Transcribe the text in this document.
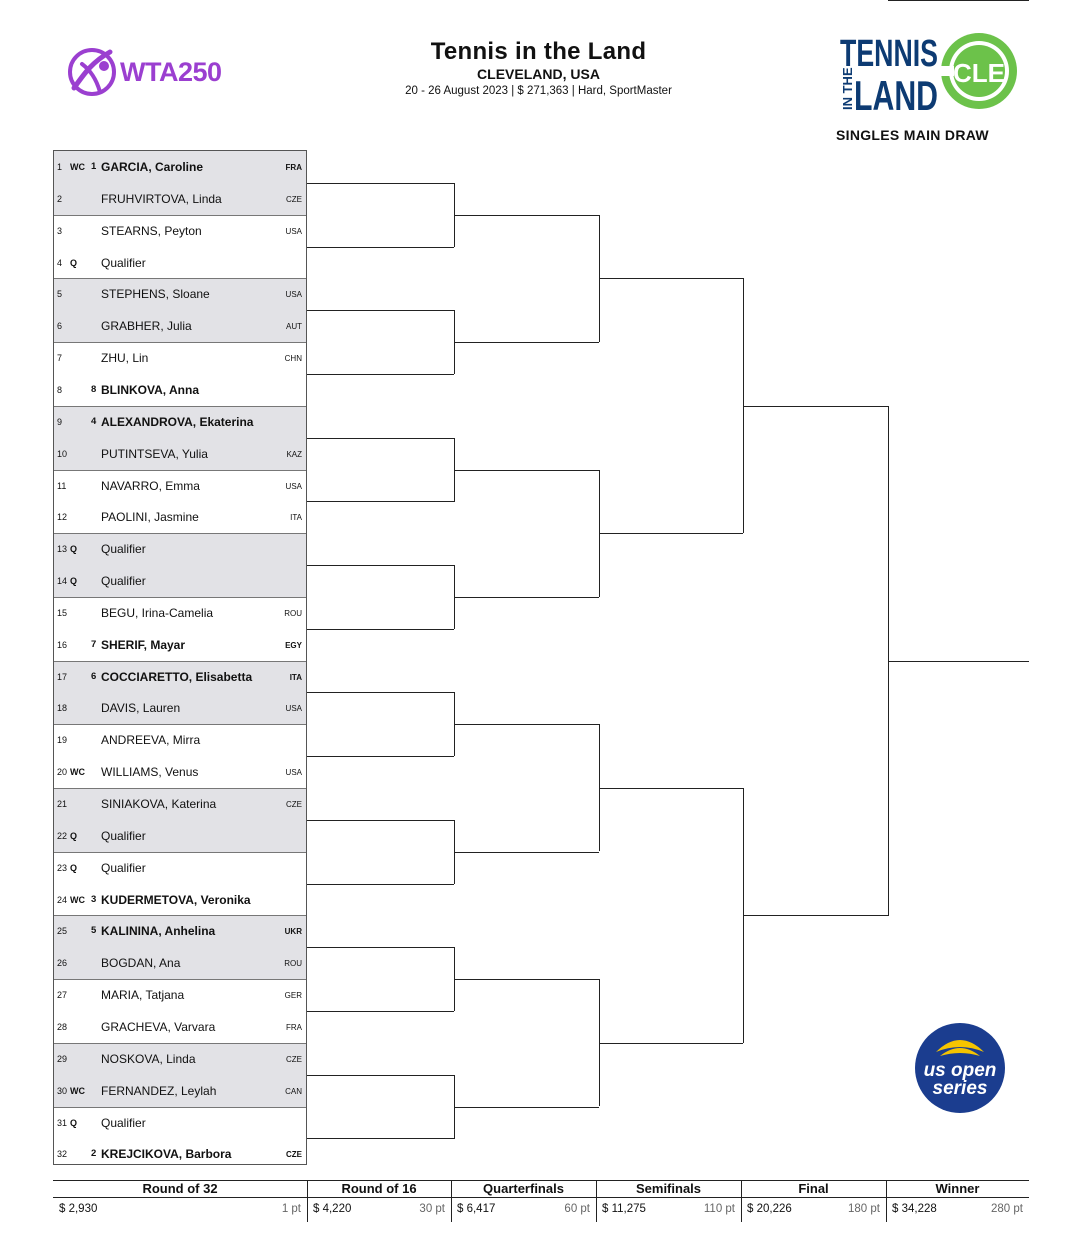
WTA250
Tennis in the Land
CLEVELAND, USA
20 - 26 August 2023 | $ 271,363 | Hard, SportMaster
TENNIS
IN THE LAND CLE
SINGLES MAIN DRAW
1 WC 1 GARCIA, Caroline	FRA
2	FRUHVIRTOVA, Linda	CZE
3	STEARNS, Peyton	USA
4 Q Qualifier
5	STEPHENS, Sloane	USA
6	GRABHER, Julia	AUT
7	ZHU, Lin	CHN
8	8 BLINKOVA, Anna
9	4 ALEXANDROVA, Ekaterina
10	PUTINTSEVA, Yulia	KAZ
11	NAVARRO, Emma	USA
12	PAOLINI, Jasmine	ITA
13 Q Qualifier
14 Q Qualifier
15	BEGU, Irina-Camelia	ROU
16	7 SHERIF, Mayar	EGY
17	6 COCCIARETTO, Elisabetta	ITA
18	DAVIS, Lauren	USA
19	ANDREEVA, Mirra
20 WC WILLIAMS, Venus	USA
21	SINIAKOVA, Katerina	CZE
22 Q Qualifier
23 Q Qualifier
24 WC 3 KUDERMETOVA, Veronika
25	5 KALININA, Anhelina	UKR
26	BOGDAN, Ana	ROU
27	MARIA, Tatjana	GER
28	GRACHEVA, Varvara	FRA
29	NOSKOVA, Linda	CZE
30 WC FERNANDEZ, Leylah	CAN
31 Q Qualifier
32	2 KREJCIKOVA, Barbora	CZE
us open
series
Round of 32
$ 2,930	1 pt
Round of 16
$ 4,220	30 pt
Quarterfinals
$ 6,417	60 pt
Semifinals
$ 11,275	110 pt
Final
$ 20,226	180 pt
Winner
$ 34,228	280 pt
